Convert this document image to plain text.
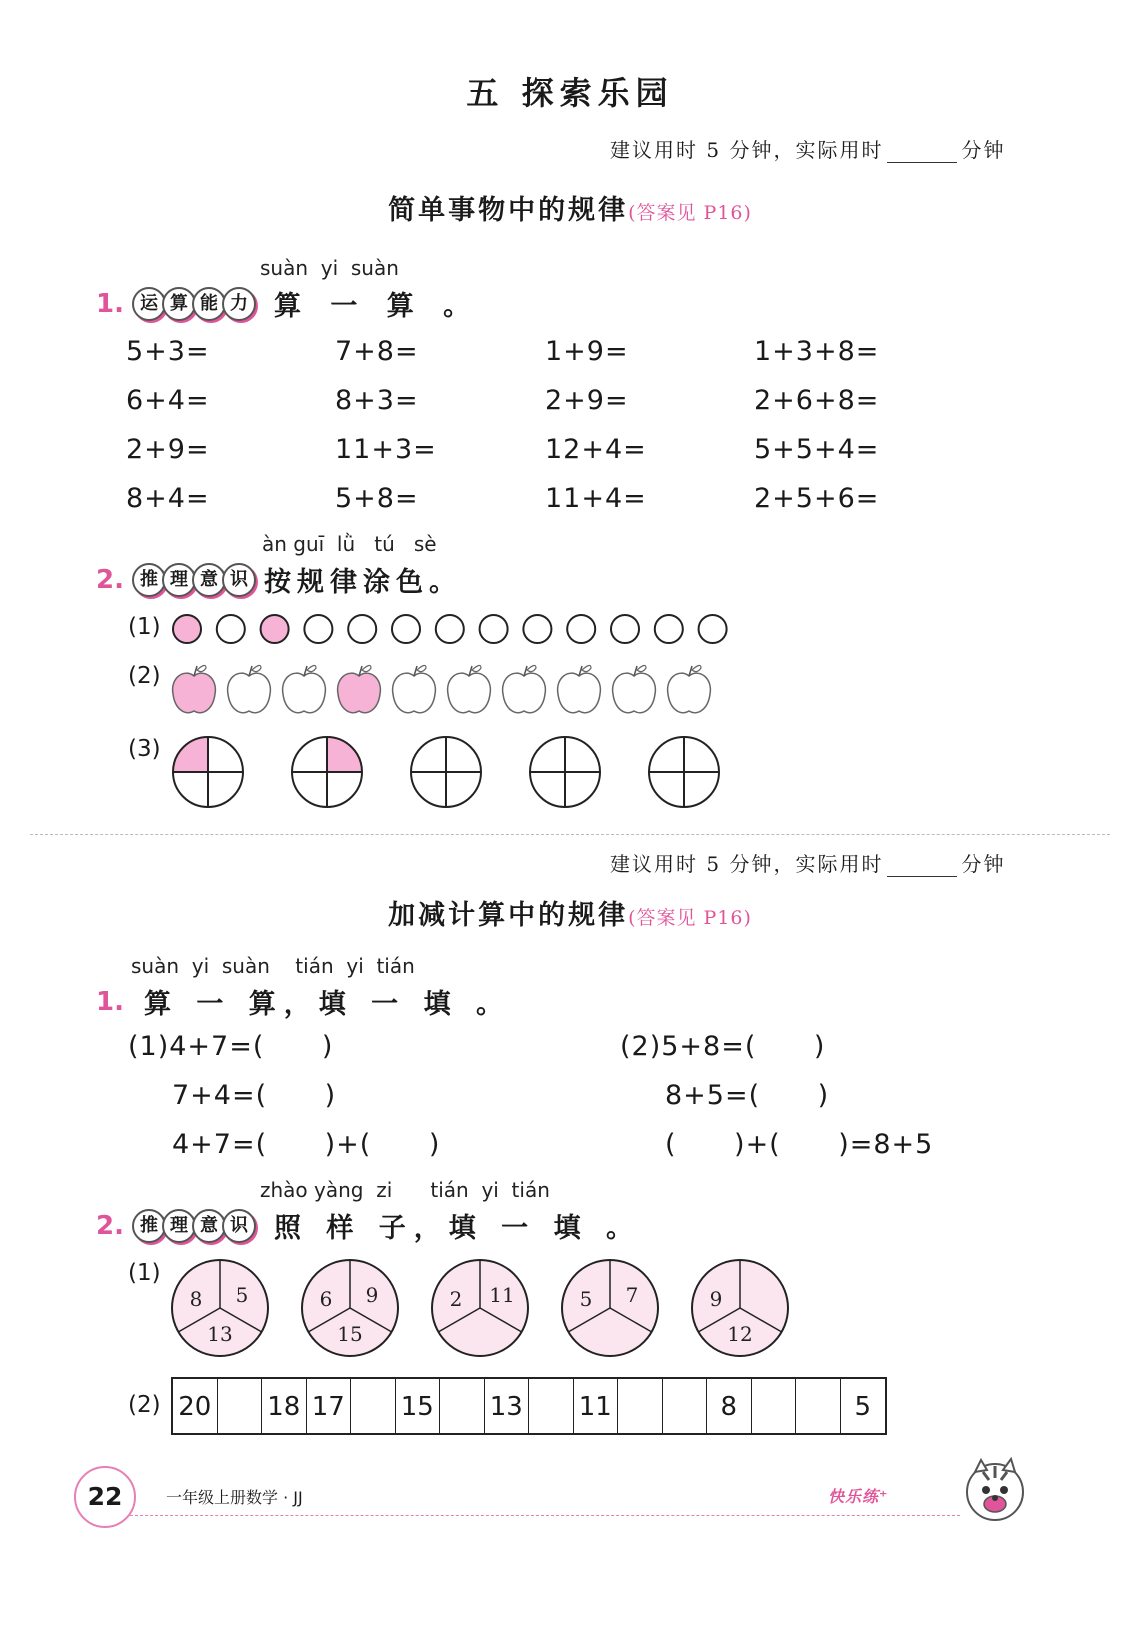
五 探索乐园
建议用时 5 分钟，实际用时	分钟
简单事物中的规律(答案见 P16)
suàn  yi  suàn
1. 运 算 能 力 算 一 算 。
5+3=	7+8=	1+9=	1+3+8=
6+4=	8+3=	2+9=	2+6+8=
2+9=	11+3=	12+4=	5+5+4=
8+4=	5+8=	11+4=	2+5+6=
àn guī  lǜ   tú   sè
2. 推 理 意 识 按规律涂色。
(1)
(2)
(3)
建议用时 5 分钟，实际用时	分钟
加减计算中的规律(答案见 P16)
suàn  yi  suàn    tián  yi  tián
1. 算 一 算，填 一 填 。
(1)4+7=(      )
7+4=(      )
4+7=(      )+(      )
(2)5+8=(      )
8+5=(      )
(      )+(      )=8+5
zhào yàng  zi      tián  yi  tián
2. 推 理 意 识 照 样 子，填 一 填 。
(1)
(2)
8 5
13
6 9
15
2 11	5 7	9
12
20 18 17 15 13 11	8	5
22	一年级上册数学 · JJ	快乐练⁺
